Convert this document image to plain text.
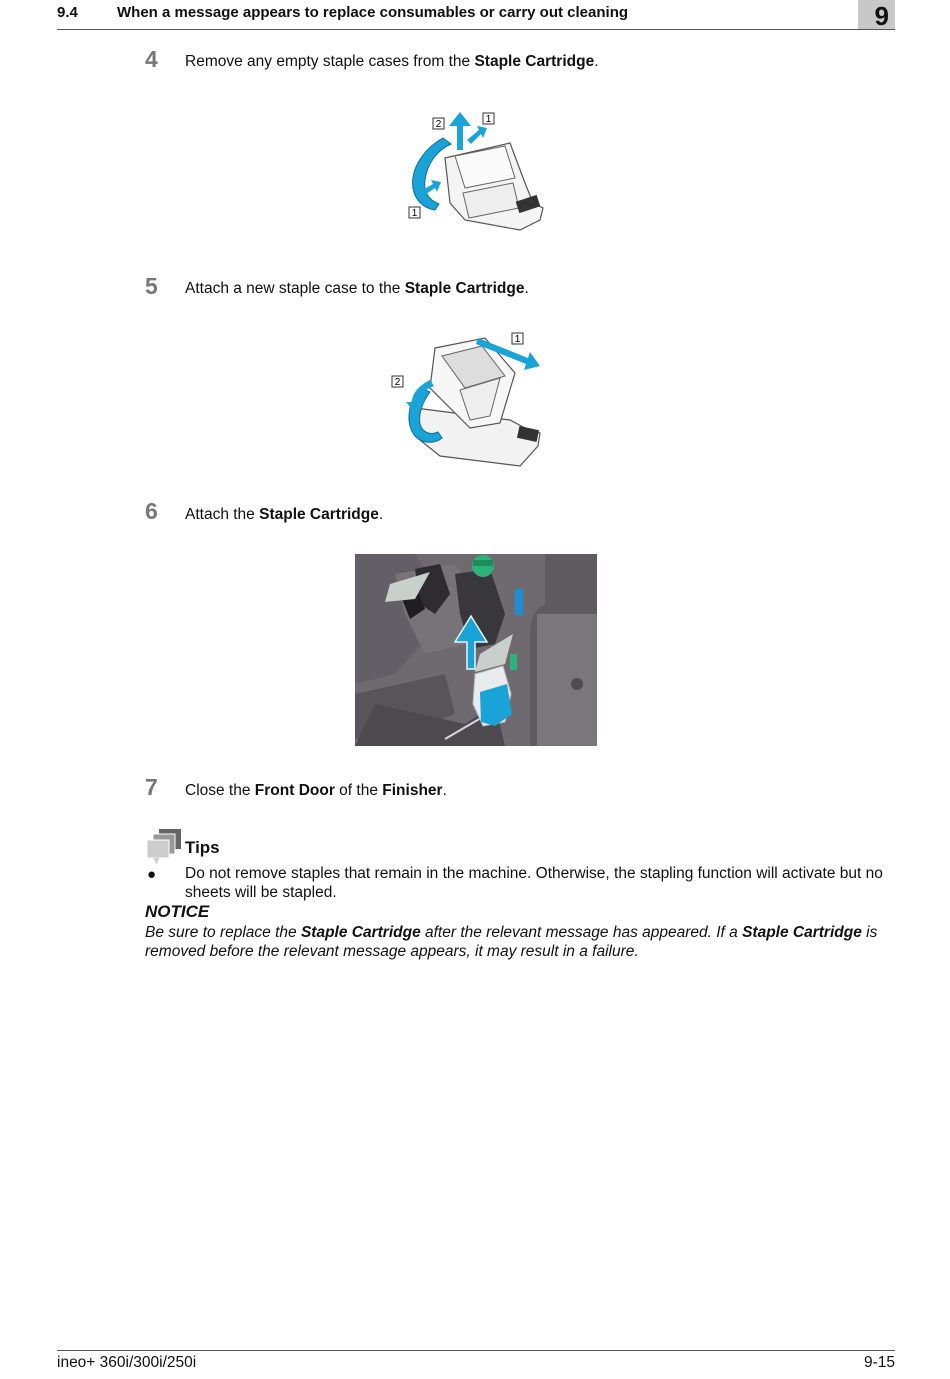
9.4	When a message appears to replace consumables or carry out cleaning	9
4 Remove any empty staple cases from the Staple Cartridge.
2	1
1
5 Attach a new staple case to the Staple Cartridge.
1
2
6 Attach the Staple Cartridge.
7 Close the Front Door of the Finisher.
Tips
● Do not remove staples that remain in the machine. Otherwise, the stapling function will activate but no sheets will be stapled.
NOTICE
Be sure to replace the Staple Cartridge after the relevant message has appeared. If a Staple Cartridge is removed before the relevant message appears, it may result in a failure.
ineo+ 360i/300i/250i	9-15
